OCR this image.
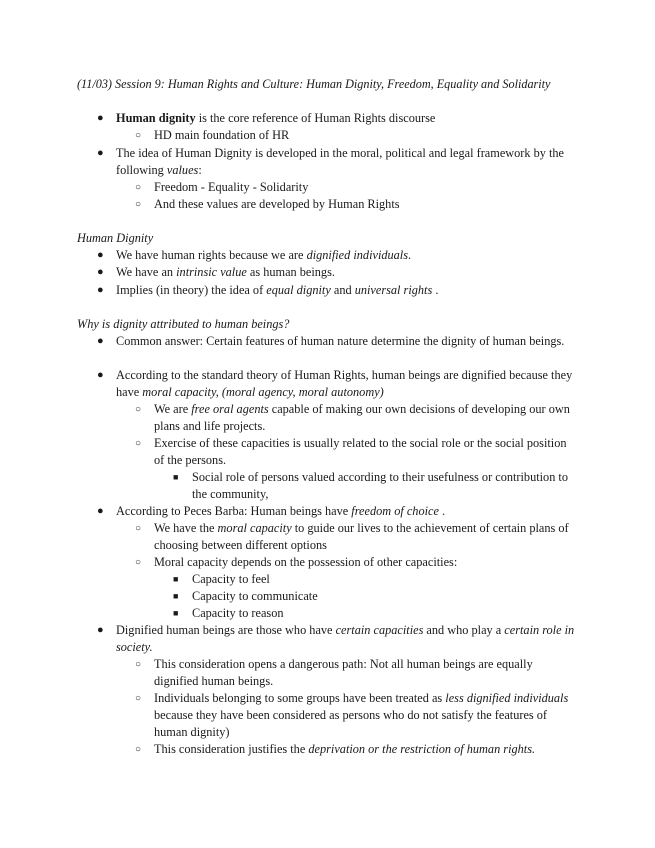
(11/03) Session 9: Human Rights and Culture: Human Dignity, Freedom, Equality and Solidarity
● Human dignity is the core reference of Human Rights discourse
○ HD main foundation of HR
● The idea of Human Dignity is developed in the moral, political and legal framework by the following values:
○ Freedom - Equality - Solidarity
○ And these values are developed by Human Rights
Human Dignity
● We have human rights because we are dignified individuals.
● We have an intrinsic value as human beings.
● Implies (in theory) the idea of equal dignity and universal rights .
Why is dignity attributed to human beings?
● Common answer: Certain features of human nature determine the dignity of human beings.
● According to the standard theory of Human Rights, human beings are dignified because they have moral capacity, (moral agency, moral autonomy)
○ We are free oral agents capable of making our own decisions of developing our own plans and life projects.
○ Exercise of these capacities is usually related to the social role or the social position of the persons.
■ Social role of persons valued according to their usefulness or contribution to the community,
● According to Peces Barba: Human beings have freedom of choice .
○ We have the moral capacity to guide our lives to the achievement of certain plans of choosing between different options
○ Moral capacity depends on the possession of other capacities:
■ Capacity to feel
■ Capacity to communicate
■ Capacity to reason
● Dignified human beings are those who have certain capacities and who play a certain role in society.
○ This consideration opens a dangerous path: Not all human beings are equally dignified human beings.
○ Individuals belonging to some groups have been treated as less dignified individuals because they have been considered as persons who do not satisfy the features of human dignity)
○ This consideration justifies the deprivation or the restriction of human rights.
